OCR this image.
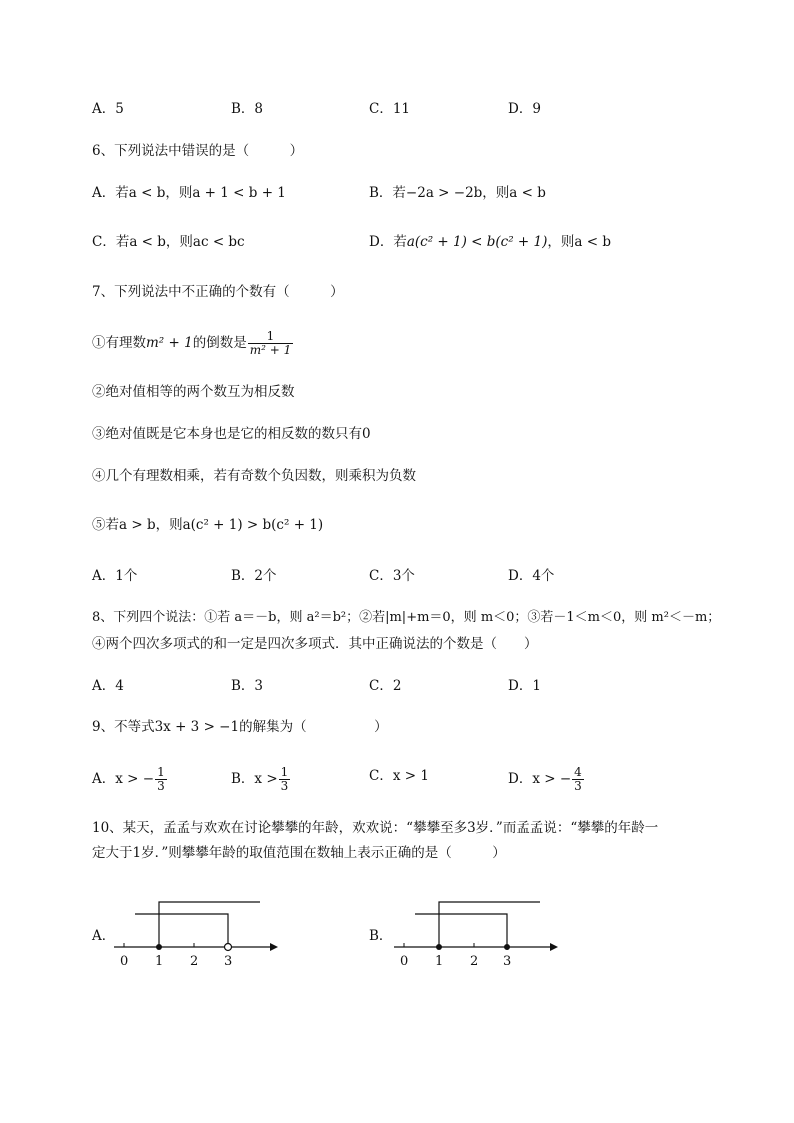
A．5	B．8	C．11	D．9
6、下列说法中错误的是（　　　）
A．若a < b，则a + 1 < b + 1	B．若−2a > −2b，则a < b
C．若a < b，则ac < bc	D．若a(c² + 1) < b(c² + 1)，则a < b
7、下列说法中不正确的个数有（　　　）
①有理数m² + 1的倒数是 $\frac{1}{\text{m² + 1}}$
②绝对值相等的两个数互为相反数
③绝对值既是它本身也是它的相反数的数只有0
④几个有理数相乘，若有奇数个负因数，则乘积为负数
⑤若a > b，则a(c² + 1) > b(c² + 1)
A．1个	B．2个	C．3个	D．4个
8、下列四个说法：①若 a＝－b，则 a²＝b²；②若|m|+m＝0，则 m＜0；③若－1＜m＜0，则 m²＜－m；
④两个四次多项式的和一定是四次多项式．其中正确说法的个数是（　　）
A．4	B．3	C．2	D．1
9、不等式3x + 3 > −1的解集为（　　　　　）
A．x > − $\frac{1}{3}$	B．$x > \frac{1}{3}$	C．x > 1	D．x > − $\frac{4}{3}$
10、某天，孟孟与欢欢在讨论攀攀的年龄，欢欢说：“攀攀至多3岁．”而孟孟说：“攀攀的年龄一
定大于1岁．”则攀攀年龄的取值范围在数轴上表示正确的是（　　　）
A．
0 1 2 3
B．
0 1 2 3
